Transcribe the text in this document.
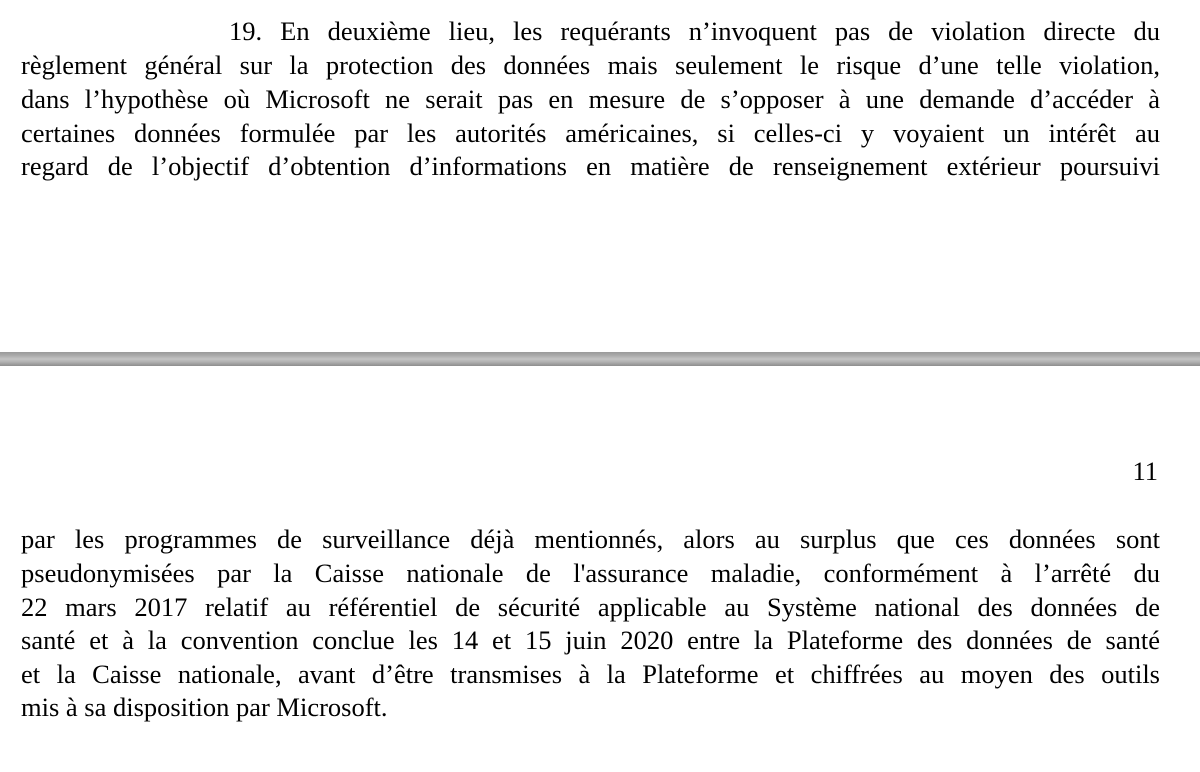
19. En deuxième lieu, les requérants n’invoquent pas de violation directe du
règlement général sur la protection des données mais seulement le risque d’une telle violation,
dans l’hypothèse où Microsoft ne serait pas en mesure de s’opposer à une demande d’accéder à
certaines données formulée par les autorités américaines, si celles-ci y voyaient un intérêt au
regard de l’objectif d’obtention d’informations en matière de renseignement extérieur poursuivi
11
par les programmes de surveillance déjà mentionnés, alors au surplus que ces données sont
pseudonymisées par la Caisse nationale de l'assurance maladie, conformément à l’arrêté du
22 mars 2017 relatif au référentiel de sécurité applicable au Système national des données de
santé et à la convention conclue les 14 et 15 juin 2020 entre la Plateforme des données de santé
et la Caisse nationale, avant d’être transmises à la Plateforme et chiffrées au moyen des outils
mis à sa disposition par Microsoft.
